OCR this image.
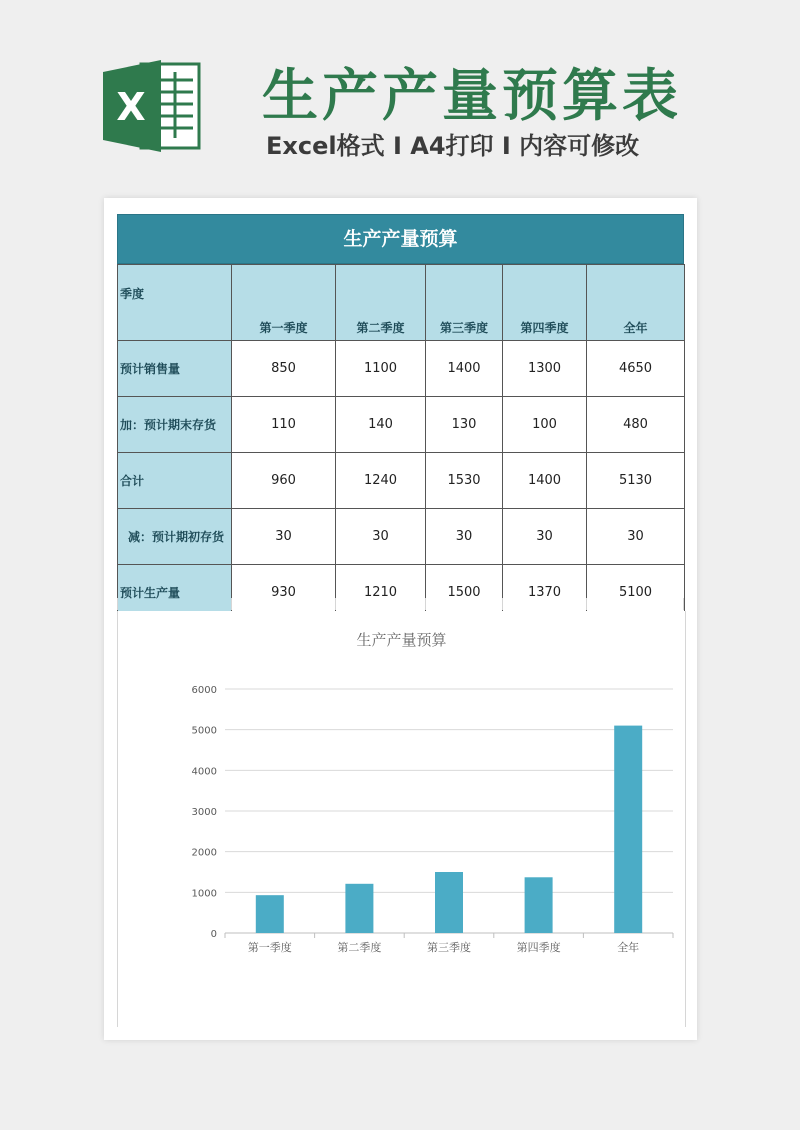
X 生产产量预算表
Excel格式 I A4打印 I 内容可修改
生产产量预算
季度	第一季度	第二季度	第三季度	第四季度	全年
预计销售量	850	1100	1400	1300	4650
加：预计期末存货	110	140	130	100	480
合计	960	1240	1530	1400	5130
减：预计期初存货	30	30	30	30	30
预计生产量	930	1210	1500	1370	5100
生产产量预算
0
1000
2000
3000
4000
5000
6000
第一季度	第二季度	第三季度	第四季度	全年
